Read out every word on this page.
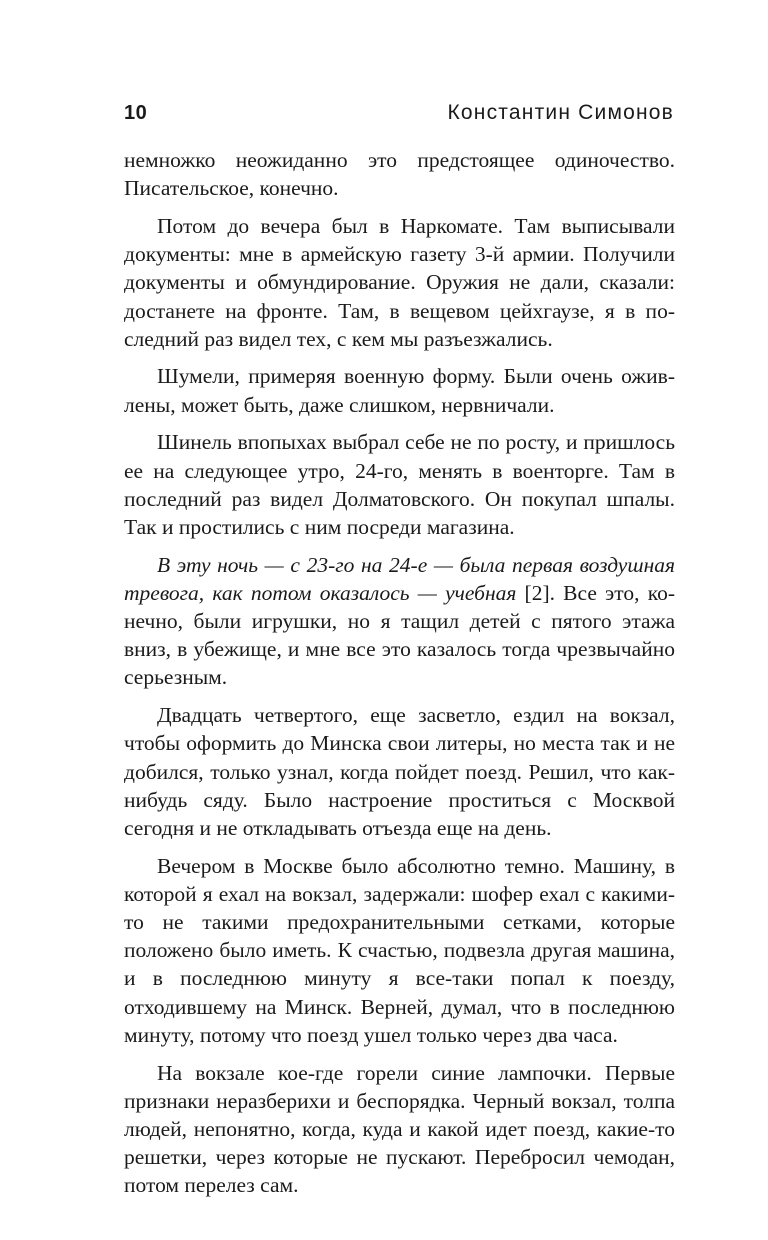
10	Константин Симонов

немножко неожиданно это предстоящее одиночество. Писательское, конечно.

Потом до вечера был в Наркомате. Там выписывали документы: мне в армейскую газету 3-й армии. Получили документы и обмундирование. Оружия не дали, сказали: достанете на фронте. Там, в вещевом цейхгаузе, я в последний раз видел тех, с кем мы разъезжались.

Шумели, примеряя военную форму. Были очень оживлены, может быть, даже слишком, нервничали.

Шинель впопыхах выбрал себе не по росту, и пришлось ее на следующее утро, 24-го, менять в военторге. Там в последний раз видел Долматовского. Он покупал шпалы. Так и простились с ним посреди магазина.

В эту ночь — с 23-го на 24-е — была первая воздушная тревога, как потом оказалось — учебная [2]. Все это, конечно, были игрушки, но я тащил детей с пятого этажа вниз, в убежище, и мне все это казалось тогда чрезвычайно серьезным.

Двадцать четвертого, еще засветло, ездил на вокзал, чтобы оформить до Минска свои литеры, но места так и не добился, только узнал, когда пойдет поезд. Решил, что как-нибудь сяду. Было настроение проститься с Москвой сегодня и не откладывать отъезда еще на день.

Вечером в Москве было абсолютно темно. Машину, в которой я ехал на вокзал, задержали: шофер ехал с какими-то не такими предохранительными сетками, которые положено было иметь. К счастью, подвезла другая машина, и в последнюю минуту я все-таки попал к поезду, отходившему на Минск. Верней, думал, что в последнюю минуту, потому что поезд ушел только через два часа.

На вокзале кое-где горели синие лампочки. Первые признаки неразберихи и беспорядка. Черный вокзал, толпа людей, непонятно, когда, куда и какой идет поезд, какие-то решетки, через которые не пускают. Перебросил чемодан, потом перелез сам.
